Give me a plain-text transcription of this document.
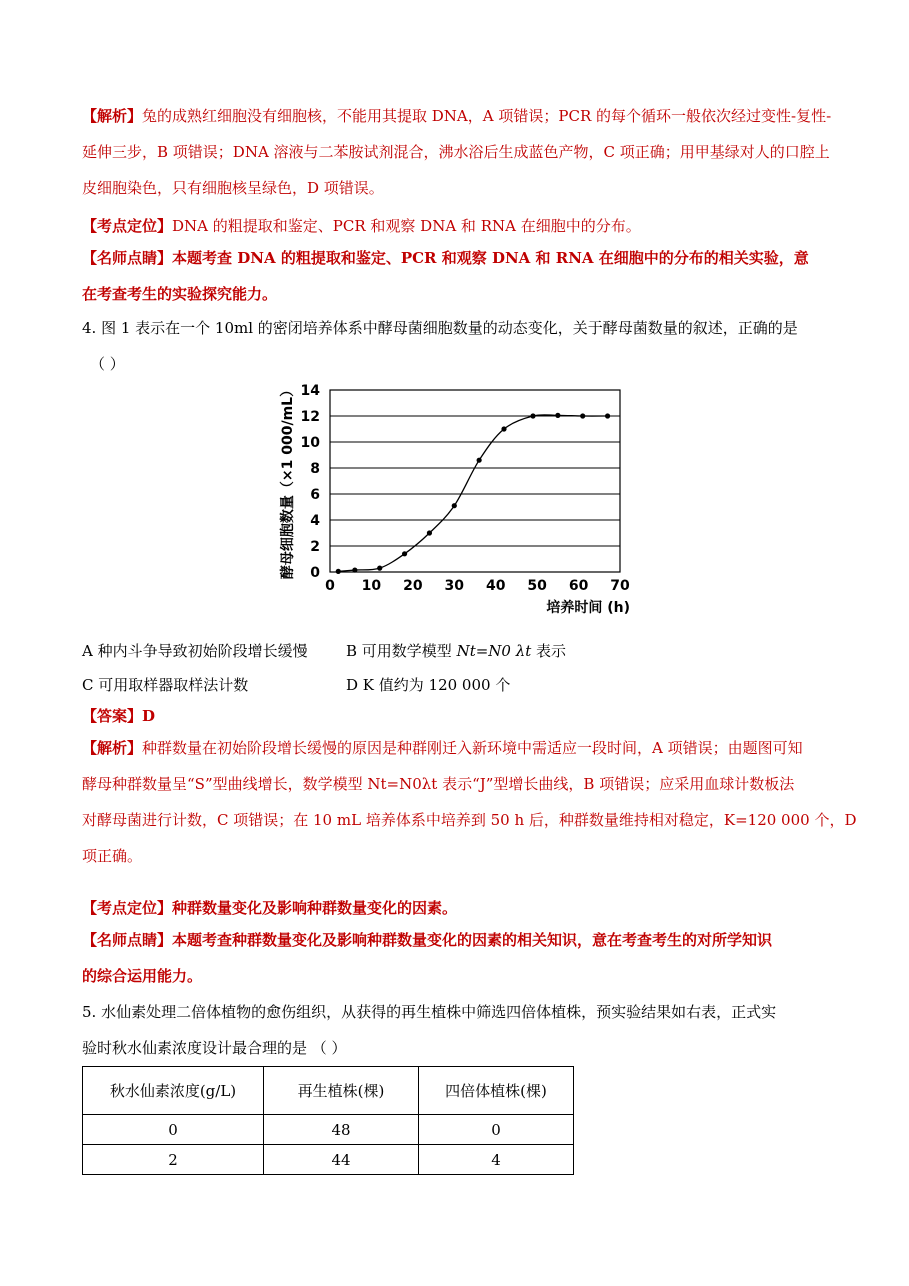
【解析】兔的成熟红细胞没有细胞核，不能用其提取 DNA，A 项错误；PCR 的每个循环一般依次经过变性-复性-
延伸三步，B 项错误；DNA 溶液与二苯胺试剂混合，沸水浴后生成蓝色产物，C 项正确；用甲基绿对人的口腔上
皮细胞染色，只有细胞核呈绿色，D 项错误。
【考点定位】DNA 的粗提取和鉴定、PCR 和观察 DNA 和 RNA 在细胞中的分布。
【名师点睛】本题考查 DNA 的粗提取和鉴定、PCR 和观察 DNA 和 RNA 在细胞中的分布的相关实验，意
在考查考生的实验探究能力。
4. 图 1 表示在一个 10ml 的密闭培养体系中酵母菌细胞数量的动态变化，关于酵母菌数量的叙述，正确的是
（ ）
0
2
4
6
8
10
12
14
0 10 20 30 40 50 60 70
酵母细胞数量（×1 000/mL）
培养时间 (h)
A 种内斗争导致初始阶段增长缓慢	B 可用数学模型 Nt=N0 λt 表示
C 可用取样器取样法计数	D K 值约为 120 000 个
【答案】D
【解析】种群数量在初始阶段增长缓慢的原因是种群刚迁入新环境中需适应一段时间，A 项错误；由题图可知
酵母种群数量呈“S”型曲线增长，数学模型 Nt=N0λt 表示“J”型增长曲线，B 项错误；应采用血球计数板法
对酵母菌进行计数，C 项错误；在 10 mL 培养体系中培养到 50 h 后，种群数量维持相对稳定，K=120 000 个，D
项正确。
【考点定位】种群数量变化及影响种群数量变化的因素。
【名师点睛】本题考查种群数量变化及影响种群数量变化的因素的相关知识，意在考查考生的对所学知识
的综合运用能力。
5. 水仙素处理二倍体植物的愈伤组织，从获得的再生植株中筛选四倍体植株，预实验结果如右表，正式实
验时秋水仙素浓度设计最合理的是 （ ）
秋水仙素浓度(g/L)	再生植株(棵)	四倍体植株(棵)
0	48	0
2	44	4
